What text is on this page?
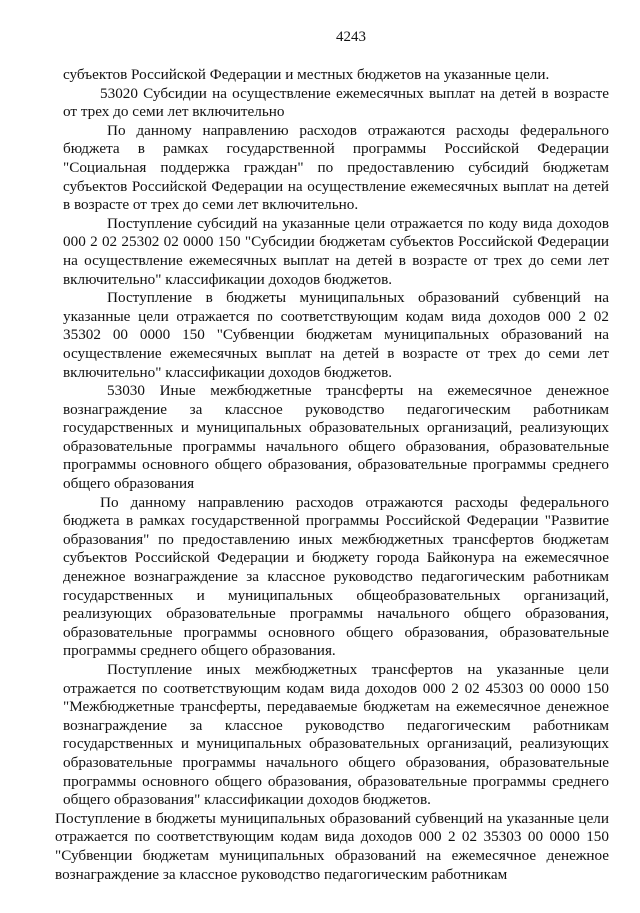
4243

субъектов Российской Федерации и местных бюджетов на указанные цели.

53020 Субсидии на осуществление ежемесячных выплат на детей в возрасте от трех до семи лет включительно

По данному направлению расходов отражаются расходы федерального бюджета в рамках государственной программы Российской Федерации "Социальная поддержка граждан" по предоставлению субсидий бюджетам субъектов Российской Федерации на осуществление ежемесячных выплат на детей в возрасте от трех до семи лет включительно.

Поступление субсидий на указанные цели отражается по коду вида доходов 000 2 02 25302 02 0000 150 "Субсидии бюджетам субъектов Российской Федерации на осуществление ежемесячных выплат на детей в возрасте от трех до семи лет включительно" классификации доходов бюджетов.

Поступление в бюджеты муниципальных образований субвенций на указанные цели отражается по соответствующим кодам вида доходов 000 2 02 35302 00 0000 150 "Субвенции бюджетам муниципальных образований на осуществление ежемесячных выплат на детей в возрасте от трех до семи лет включительно" классификации доходов бюджетов.

53030 Иные межбюджетные трансферты на ежемесячное денежное вознаграждение за классное руководство педагогическим работникам государственных и муниципальных образовательных организаций, реализующих образовательные программы начального общего образования, образовательные программы основного общего образования, образовательные программы среднего общего образования

По данному направлению расходов отражаются расходы федерального бюджета в рамках государственной программы Российской Федерации "Развитие образования" по предоставлению иных межбюджетных трансфертов бюджетам субъектов Российской Федерации и бюджету города Байконура на ежемесячное денежное вознаграждение за классное руководство педагогическим работникам государственных и муниципальных общеобразовательных организаций, реализующих образовательные программы начального общего образования, образовательные программы основного общего образования, образовательные программы среднего общего образования.

Поступление иных межбюджетных трансфертов на указанные цели отражается по соответствующим кодам вида доходов 000 2 02 45303 00 0000 150 "Межбюджетные трансферты, передаваемые бюджетам на ежемесячное денежное вознаграждение за классное руководство педагогическим работникам государственных и муниципальных образовательных организаций, реализующих образовательные программы начального общего образования, образовательные программы основного общего образования, образовательные программы среднего общего образования" классификации доходов бюджетов.

Поступление в бюджеты муниципальных образований субвенций на указанные цели отражается по соответствующим кодам вида доходов 000 2 02 35303 00 0000 150 "Субвенции бюджетам муниципальных образований на ежемесячное денежное вознаграждение за классное руководство педагогическим работникам
